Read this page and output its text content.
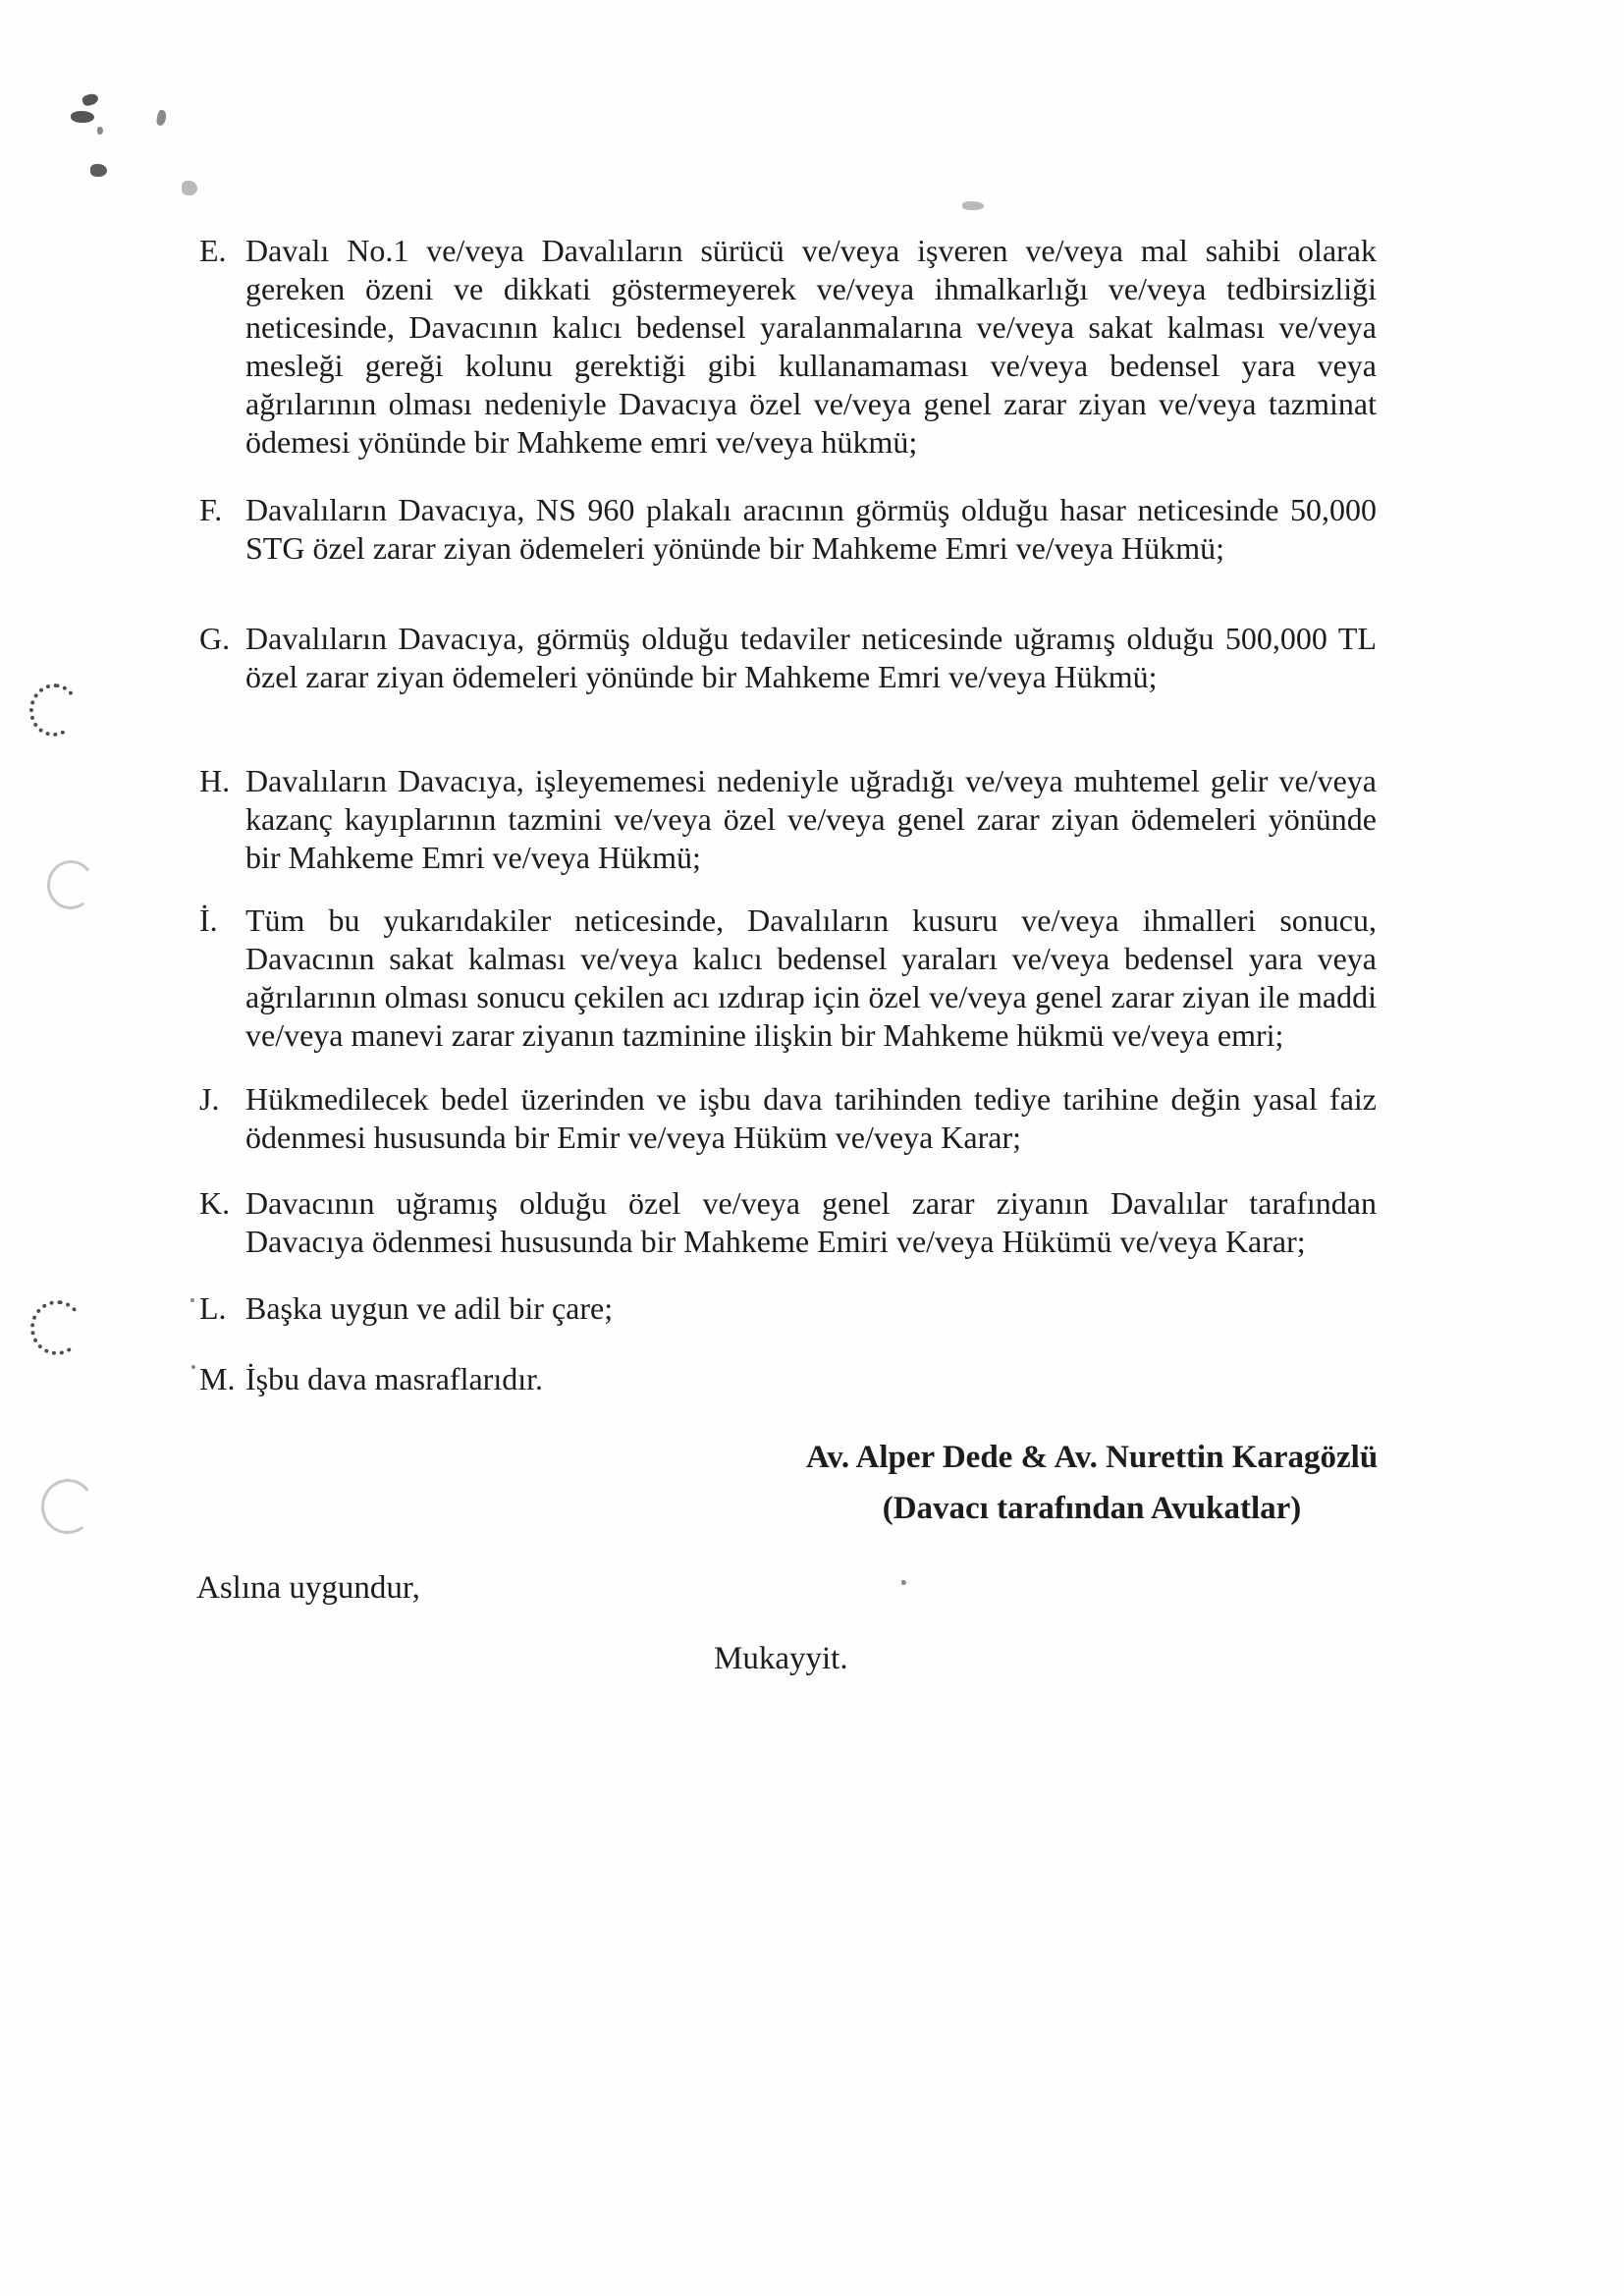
E. Davalı No.1 ve/veya Davalıların sürücü ve/veya işveren ve/veya mal sahibi olarak gereken özeni ve dikkati göstermeyerek ve/veya ihmalkarlığı ve/veya tedbirsizliği neticesinde, Davacının kalıcı bedensel yaralanmalarına ve/veya sakat kalması ve/veya mesleği gereği kolunu gerektiği gibi kullanamaması ve/veya bedensel yara veya ağrılarının olması nedeniyle Davacıya özel ve/veya genel zarar ziyan ve/veya tazminat ödemesi yönünde bir Mahkeme emri ve/veya hükmü;
F. Davalıların Davacıya, NS 960 plakalı aracının görmüş olduğu hasar neticesinde 50,000 STG özel zarar ziyan ödemeleri yönünde bir Mahkeme Emri ve/veya Hükmü;
G. Davalıların Davacıya, görmüş olduğu tedaviler neticesinde uğramış olduğu 500,000 TL özel zarar ziyan ödemeleri yönünde bir Mahkeme Emri ve/veya Hükmü;
H. Davalıların Davacıya, işleyememesi nedeniyle uğradığı ve/veya muhtemel gelir ve/veya kazanç kayıplarının tazmini ve/veya özel ve/veya genel zarar ziyan ödemeleri yönünde bir Mahkeme Emri ve/veya Hükmü;
İ. Tüm bu yukarıdakiler neticesinde, Davalıların kusuru ve/veya ihmalleri sonucu, Davacının sakat kalması ve/veya kalıcı bedensel yaraları ve/veya bedensel yara veya ağrılarının olması sonucu çekilen acı ızdırap için özel ve/veya genel zarar ziyan ile maddi ve/veya manevi zarar ziyanın tazminine ilişkin bir Mahkeme hükmü ve/veya emri;
J. Hükmedilecek bedel üzerinden ve işbu dava tarihinden tediye tarihine değin yasal faiz ödenmesi hususunda bir Emir ve/veya Hüküm ve/veya Karar;
K. Davacının uğramış olduğu özel ve/veya genel zarar ziyanın Davalılar tarafından Davacıya ödenmesi hususunda bir Mahkeme Emiri ve/veya Hükümü ve/veya Karar;
L. Başka uygun ve adil bir çare;
M. İşbu dava masraflarıdır.
Av. Alper Dede & Av. Nurettin Karagözlü
(Davacı tarafından Avukatlar)
Aslına uygundur,
Mukayyit.
